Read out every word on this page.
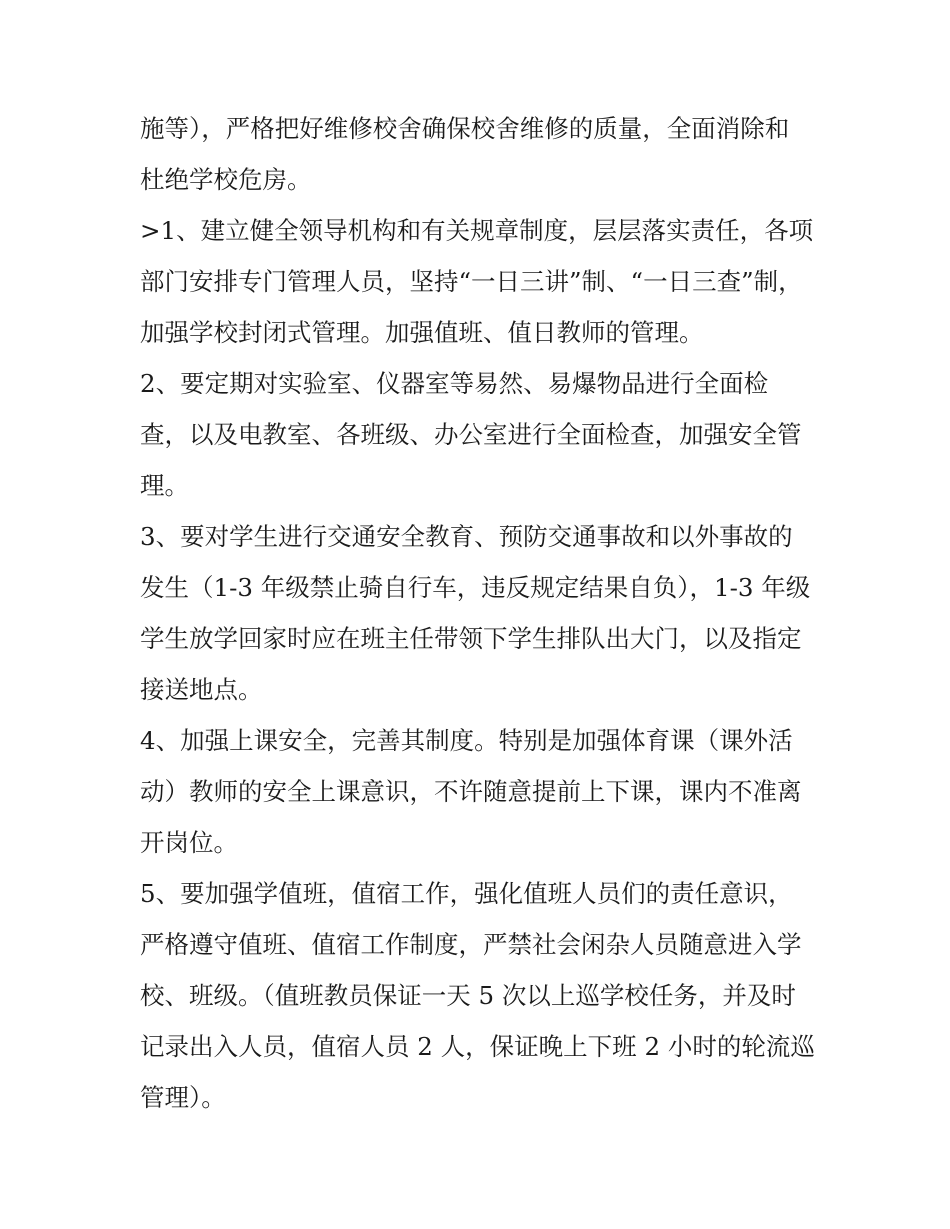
施等），严格把好维修校舍确保校舍维修的质量，全面消除和
杜绝学校危房。
>1、建立健全领导机构和有关规章制度，层层落实责任，各项
部门安排专门管理人员，坚持“一日三讲”制、“一日三查”制，
加强学校封闭式管理。加强值班、值日教师的管理。
2、要定期对实验室、仪器室等易然、易爆物品进行全面检
查，以及电教室、各班级、办公室进行全面检查，加强安全管
理。
3、要对学生进行交通安全教育、预防交通事故和以外事故的
发生（1-3 年级禁止骑自行车，违反规定结果自负），1-3 年级
学生放学回家时应在班主任带领下学生排队出大门，以及指定
接送地点。
4、加强上课安全，完善其制度。特别是加强体育课（课外活
动）教师的安全上课意识，不许随意提前上下课，课内不准离
开岗位。
5、要加强学值班，值宿工作，强化值班人员们的责任意识，
严格遵守值班、值宿工作制度，严禁社会闲杂人员随意进入学
校、班级。（值班教员保证一天 5 次以上巡学校任务，并及时
记录出入人员，值宿人员 2 人，保证晚上下班 2 小时的轮流巡
管理）。
